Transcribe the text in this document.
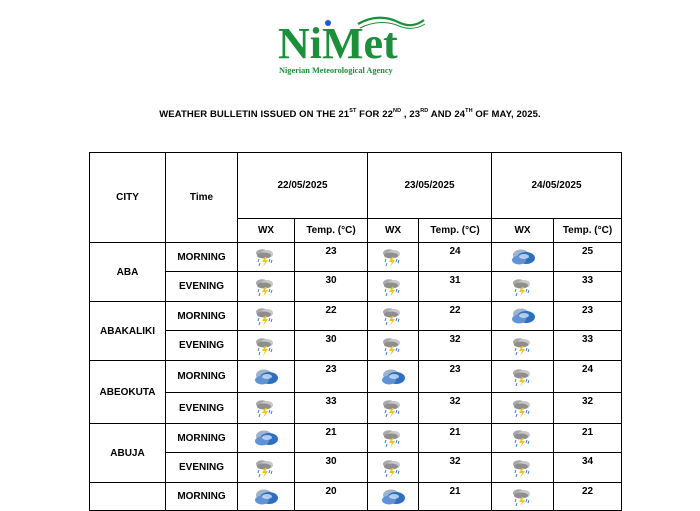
NiMet
Nigerian Meteorological Agency
WEATHER BULLETIN ISSUED ON THE 21ST FOR 22ND , 23RD AND 24TH OF MAY, 2025.
CITY	Time	22/05/2025		23/05/2025		24/05/2025	
		WX	Temp. (°C)	WX	Temp. (°C)	WX	Temp. (°C)
ABA	MORNING		23		24		25
	EVENING		30		31		33
ABAKALIKI	MORNING		22		22		23
	EVENING		30		32		33
ABEOKUTA	MORNING		23		23		24
	EVENING		33		32		32
ABUJA	MORNING		21		21		21
	EVENING		30		32		34
	MORNING		20		21		22
